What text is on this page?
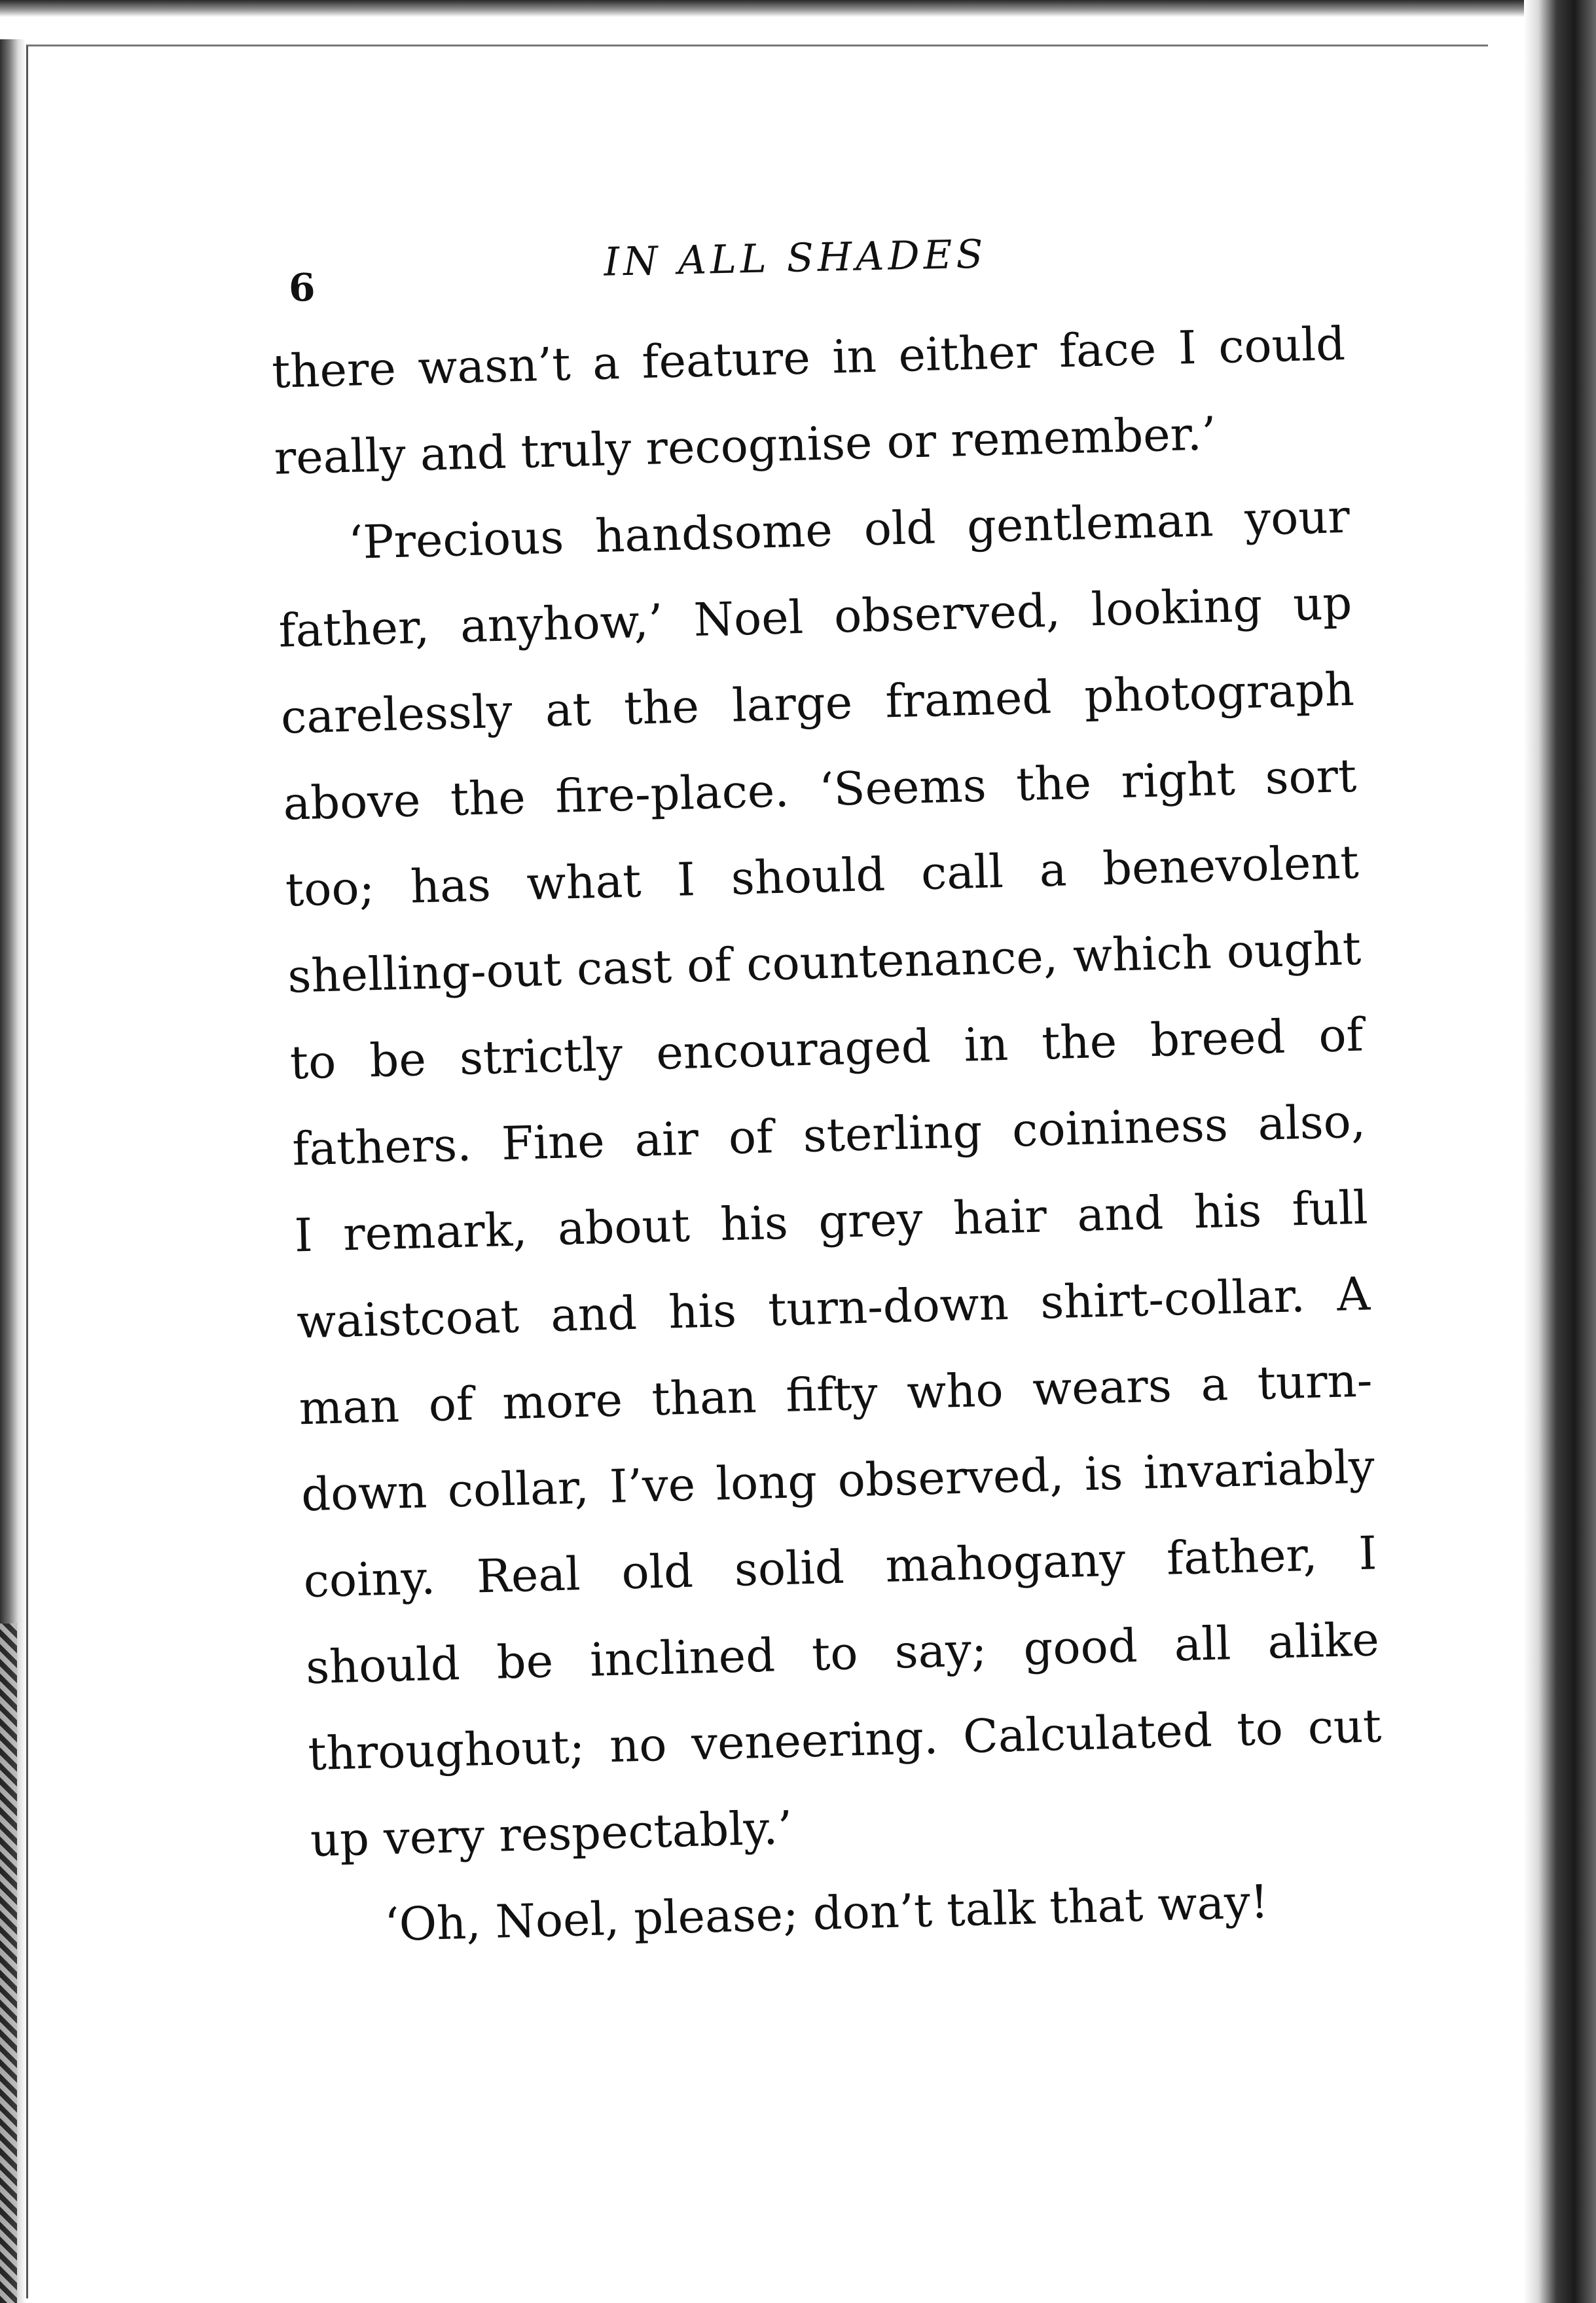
6
IN ALL SHADES
there wasn’t a feature in either face I could
really and truly recognise or remember.’
‘Precious handsome old gentleman your
father, anyhow,’ Noel observed, looking up
carelessly at the large framed photograph
above the fire-place. ‘Seems the right sort
too; has what I should call a benevolent
shelling-out cast of countenance, which ought
to be strictly encouraged in the breed of
fathers. Fine air of sterling coininess also,
I remark, about his grey hair and his full
waistcoat and his turn-down shirt-collar. A
man of more than fifty who wears a turn-
down collar, I’ve long observed, is invariably
coiny. Real old solid mahogany father, I
should be inclined to say; good all alike
throughout; no veneering. Calculated to cut
up very respectably.’
‘Oh, Noel, please; don’t talk that way!
